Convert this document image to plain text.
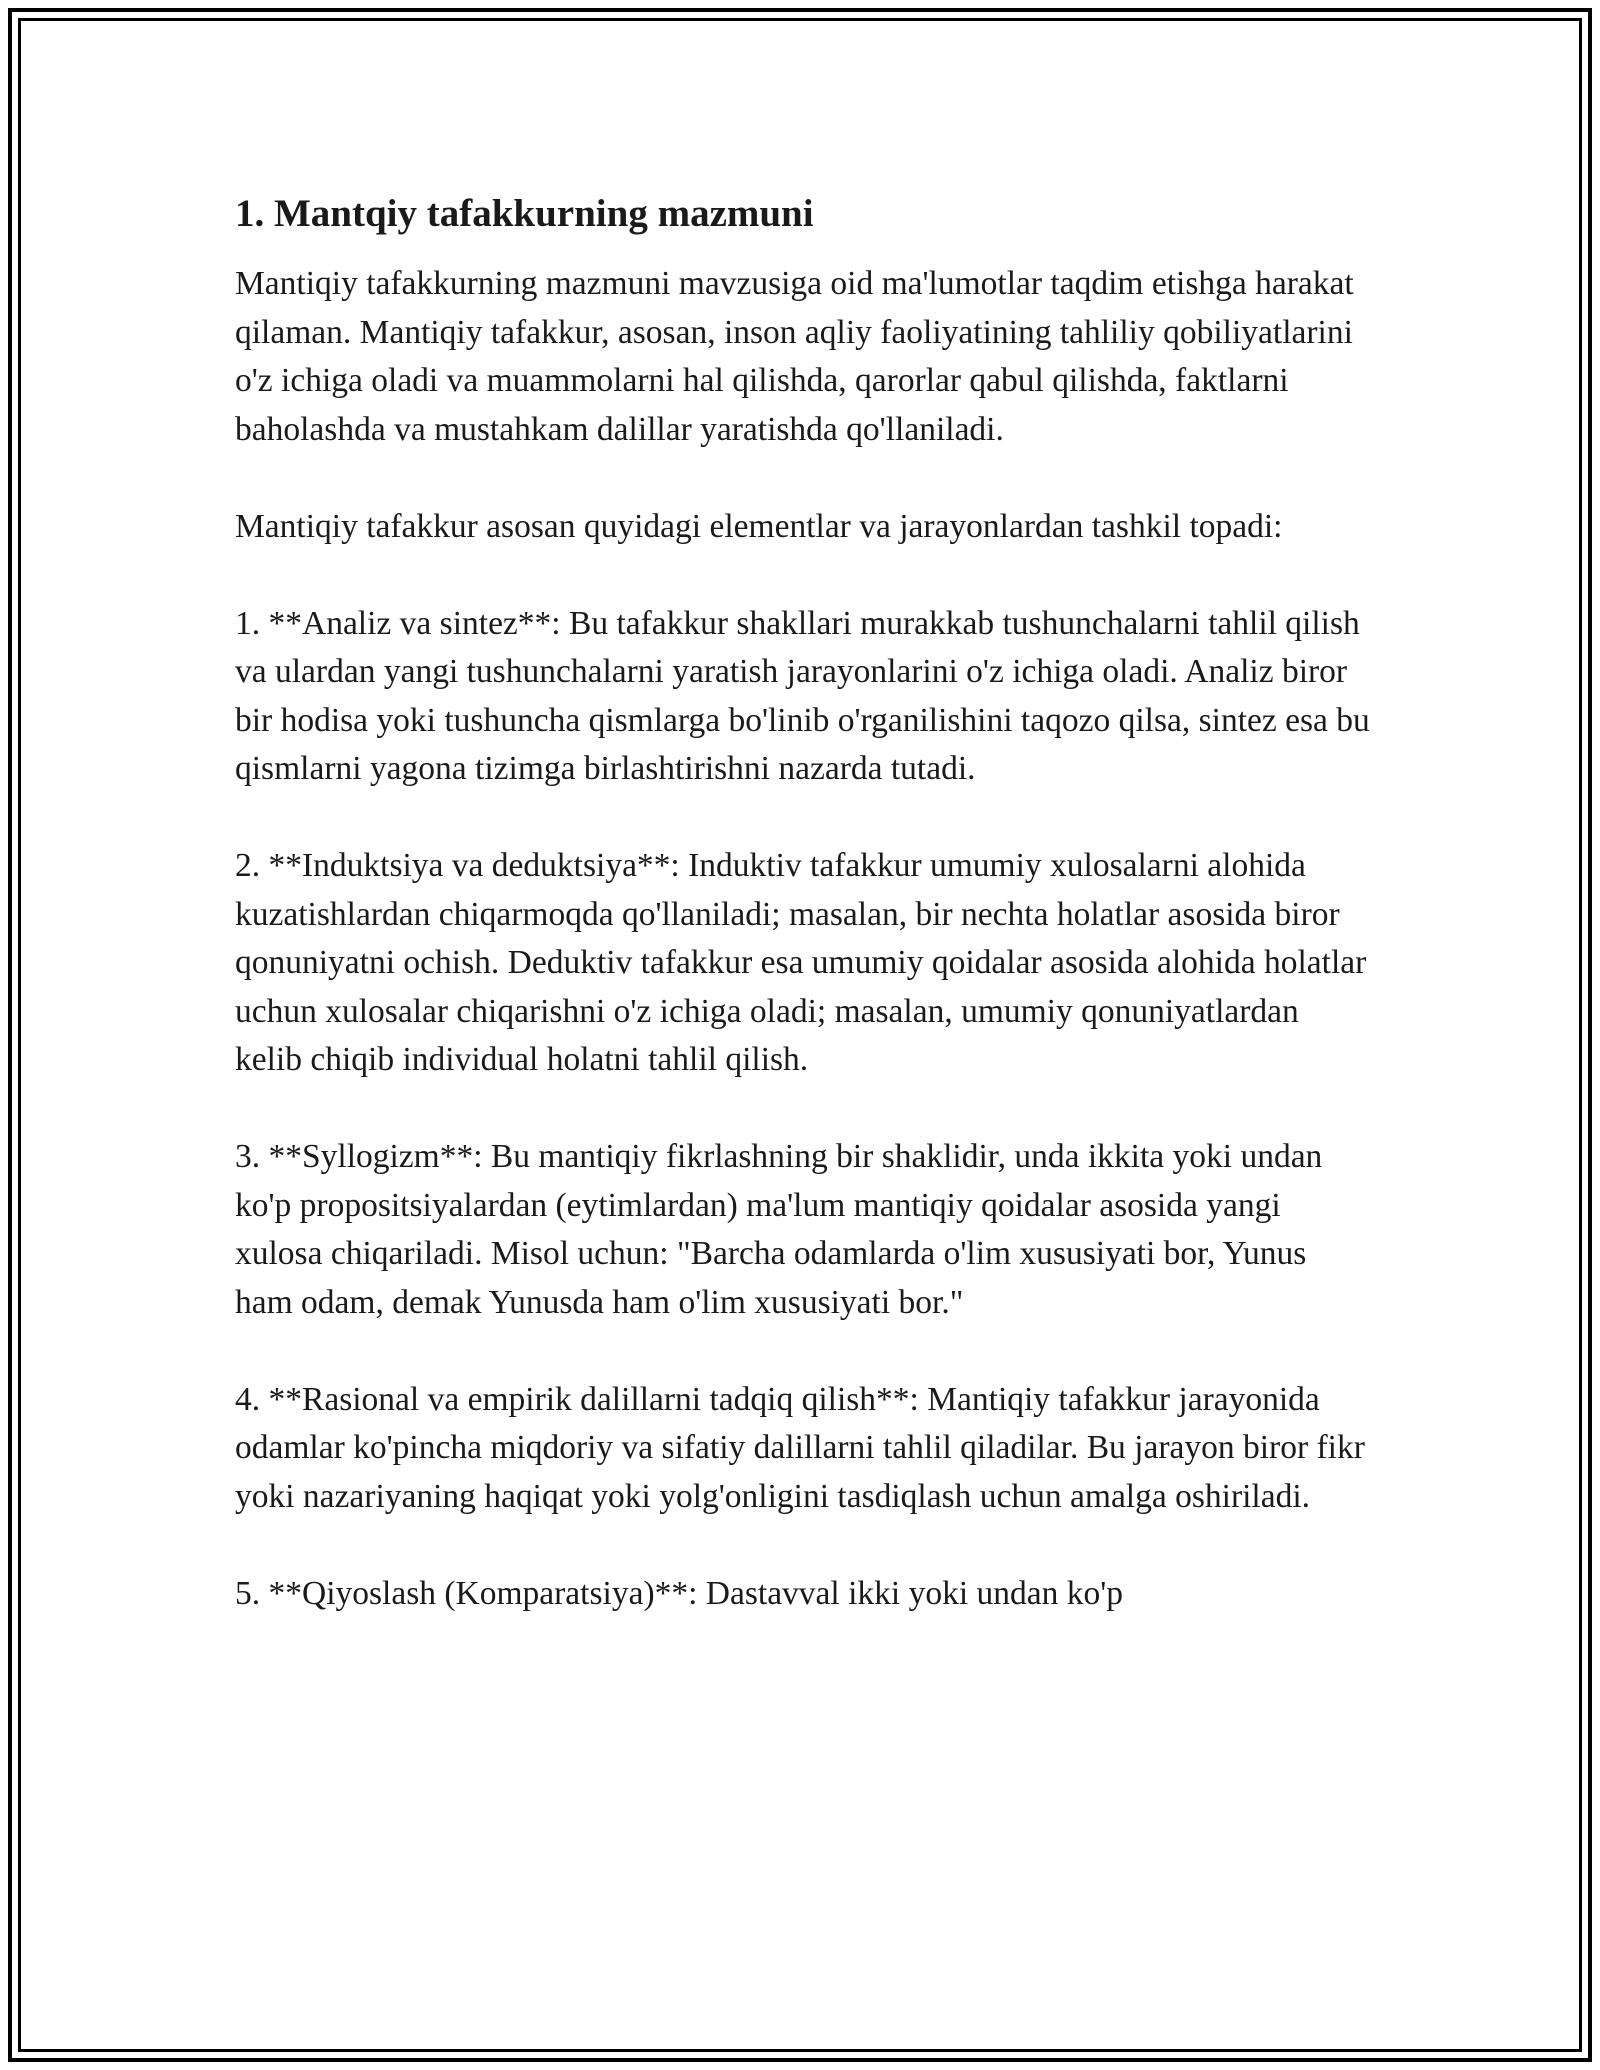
1. Mantqiy tafakkurning mazmuni

Mantiqiy tafakkurning mazmuni mavzusiga oid ma'lumotlar taqdim etishga harakat qilaman. Mantiqiy tafakkur, asosan, inson aqliy faoliyatining tahliliy qobiliyatlarini o'z ichiga oladi va muammolarni hal qilishda, qarorlar qabul qilishda, faktlarni baholashda va mustahkam dalillar yaratishda qo'llaniladi.

Mantiqiy tafakkur asosan quyidagi elementlar va jarayonlardan tashkil topadi:

1. **Analiz va sintez**: Bu tafakkur shakllari murakkab tushunchalarni tahlil qilish va ulardan yangi tushunchalarni yaratish jarayonlarini o'z ichiga oladi. Analiz biror bir hodisa yoki tushuncha qismlarga bo'linib o'rganilishini taqozo qilsa, sintez esa bu qismlarni yagona tizimga birlashtirishni nazarda tutadi.

2. **Induktsiya va deduktsiya**: Induktiv tafakkur umumiy xulosalarni alohida kuzatishlardan chiqarmoqda qo'llaniladi; masalan, bir nechta holatlar asosida biror qonuniyatni ochish. Deduktiv tafakkur esa umumiy qoidalar asosida alohida holatlar uchun xulosalar chiqarishni o'z ichiga oladi; masalan, umumiy qonuniyatlardan kelib chiqib individual holatni tahlil qilish.

3. **Syllogizm**: Bu mantiqiy fikrlashning bir shaklidir, unda ikkita yoki undan ko'p propositsiyalardan (eytimlardan) ma'lum mantiqiy qoidalar asosida yangi xulosa chiqariladi. Misol uchun: "Barcha odamlarda o'lim xususiyati bor, Yunus ham odam, demak Yunusda ham o'lim xususiyati bor."

4. **Rasional va empirik dalillarni tadqiq qilish**: Mantiqiy tafakkur jarayonida odamlar ko'pincha miqdoriy va sifatiy dalillarni tahlil qiladilar. Bu jarayon biror fikr yoki nazariyaning haqiqat yoki yolg'onligini tasdiqlash uchun amalga oshiriladi.

5. **Qiyoslash (Komparatsiya)**: Dastavval ikki yoki undan ko'p
